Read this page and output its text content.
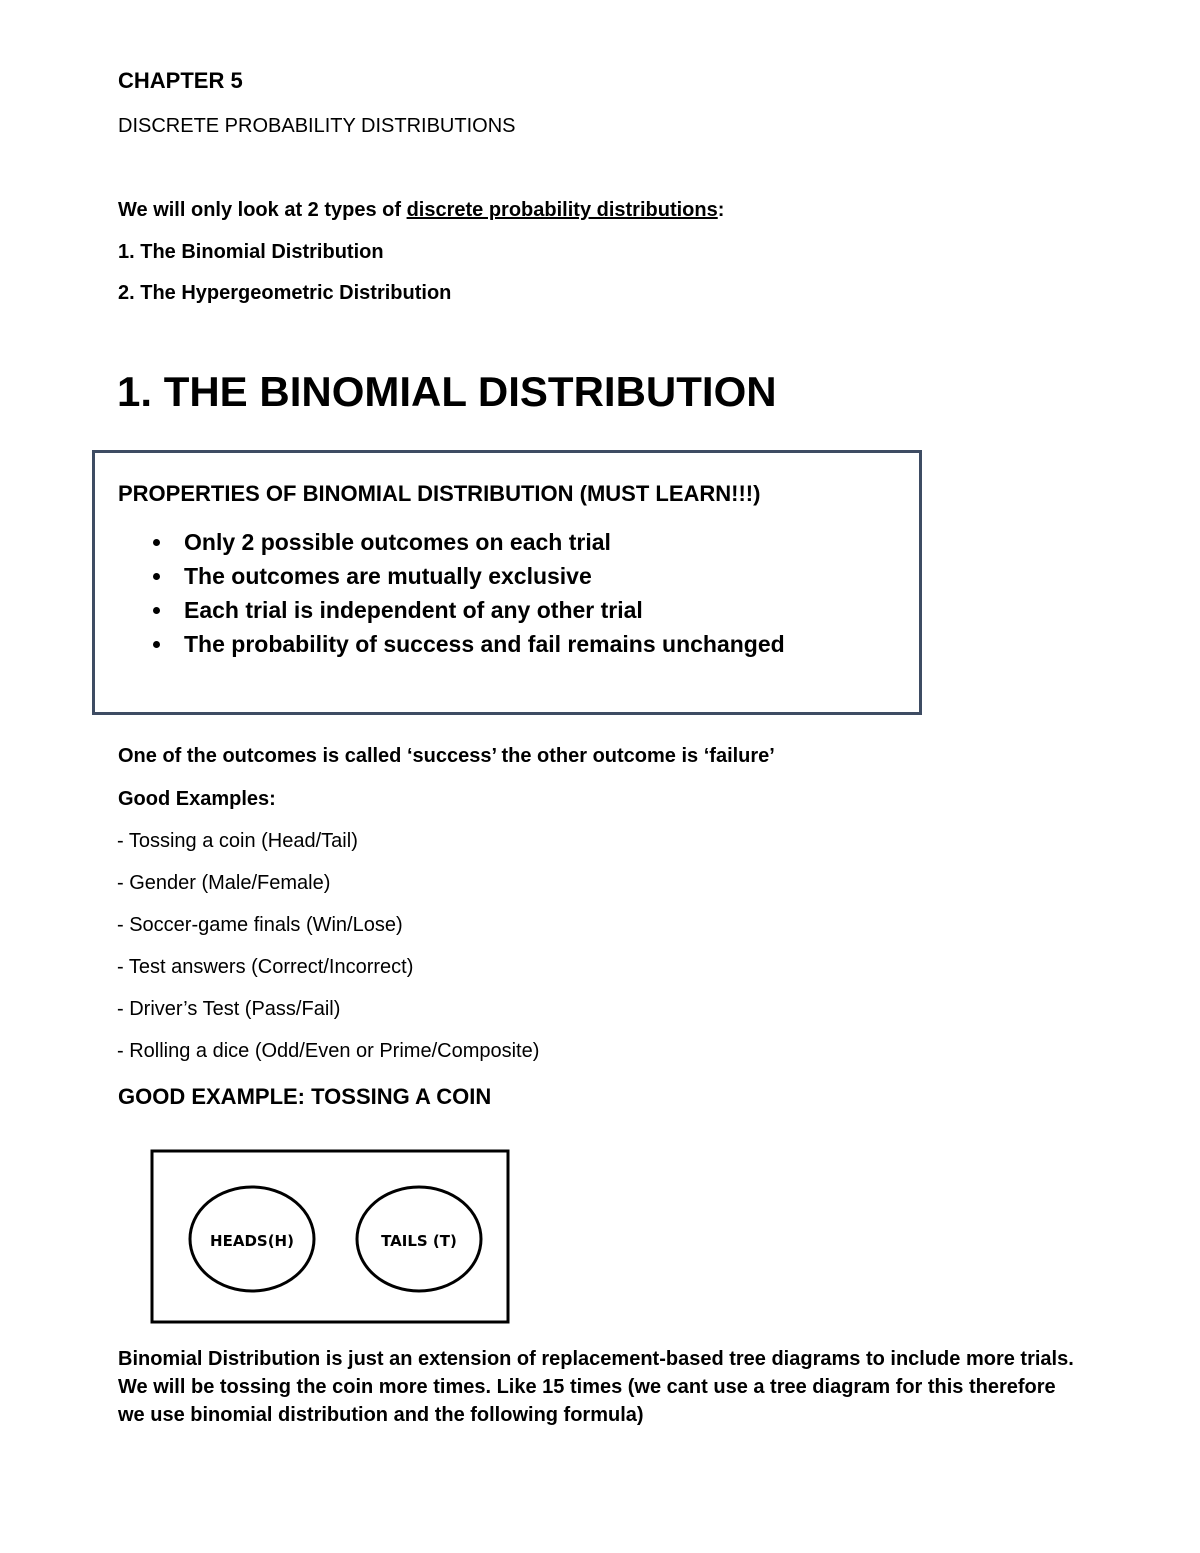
CHAPTER 5
DISCRETE PROBABILITY DISTRIBUTIONS
We will only look at 2 types of discrete probability distributions:
1. The Binomial Distribution
2. The Hypergeometric Distribution
1. THE BINOMIAL DISTRIBUTION
PROPERTIES OF BINOMIAL DISTRIBUTION (MUST LEARN!!!)
Only 2 possible outcomes on each trial
The outcomes are mutually exclusive
Each trial is independent of any other trial
The probability of success and fail remains unchanged
One of the outcomes is called ‘success’ the other outcome is ‘failure’
Good Examples:
- Tossing a coin (Head/Tail)
- Gender (Male/Female)
- Soccer-game finals (Win/Lose)
- Test answers (Correct/Incorrect)
- Driver’s Test (Pass/Fail)
- Rolling a dice (Odd/Even or Prime/Composite)
GOOD EXAMPLE: TOSSING A COIN
HEADS(H)	TAILS (T)
Binomial Distribution is just an extension of replacement-based tree diagrams to include more trials. We will be tossing the coin more times. Like 15 times (we cant use a tree diagram for this therefore we use binomial distribution and the following formula)
